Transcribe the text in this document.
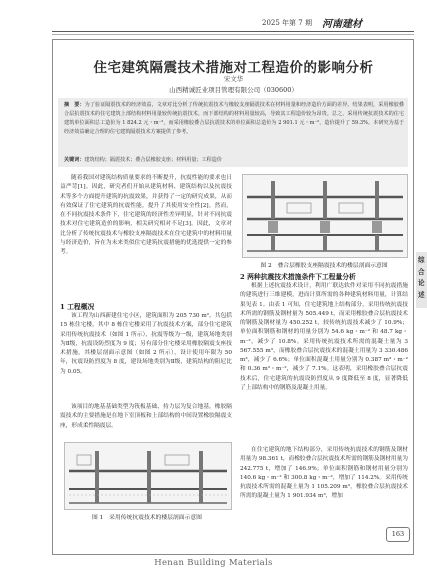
2025 年第 7 期 河南建材
住宅建筑隔震技术措施对工程造价的影响分析
宋文华
山西精诚匠业项目管理有限公司（030600）
摘　要：为了验证隔震技术的经济效益，文章对比分析了传统抗震技术与橡胶支座隔震技术在材料用量和经济造价方面的差异。结果表明，采用橡胶叠合层抗震技术的住宅建筑上部结构材料用量较传统抗震技术，而下部结构的材料用量较高，导致其工程造价较为昂贵。总之，采用传统抗震技术的住宅建筑单位面积总工造价为 1 824.2 元・m⁻²，而采用橡胶叠合层抗震技术的单位面积总造价为 2 901.1 元・m⁻²，造价提升了 59.3%。本研究为基于经济效益确定合理的住宅建筑隔震技术方案提供了参考。
关键词：建筑结构；隔震技术；叠合层橡胶支座；材料用量；工程造价
随着我国对建筑结构质量要求的不断提升，抗震性能的要求也日益严苛[1]。因此，研究者们开始从建筑材料、建筑结构以及抗震技术等多个方面提升建筑的抗震效果，并获得了一定的研究成果，从而有效保证了住宅建筑的抗震性能，提升了其使用安全性[2]。然而，在不同抗震技术条件下，住宅建筑的经济性差异明显，针对不同抗震技术对住宅建筑造价的影响，相关研究相对不足[3]。因此，文章对比分析了传统抗震技术与橡胶支座隔震技术在住宅建筑中的材料用量与经济造价，旨在为未来类似住宅建筑抗震措施的优选提供一定的参考。
1 工程概况
该工程为山西新建住宅小区，建筑面积为 205 730 m²，共包括 15 栋住宅楼，其中 8 栋住宅楼采用了抗震技术方案，部分住宅建筑采用传统抗震技术（如图 1 所示），抗震等级为一级，建筑场地类别为Ⅱ级，抗震设防烈度为 9 度；另有部分住宅楼采用橡胶隔震支座技术措施，其楼层剖面示意图（如图 2 所示），设计使用年限为 50 年，抗震设防烈度为 8 度，建设场地类别为Ⅱ级，建筑结构的阻尼比为 0.05。
该项目的地基基础类型为筏板基础、持力层为复合地基，橡胶隔震技术的主要措施是在地下室顶板和上部结构的中间设置橡胶隔震支座，形成柔性隔震层。
图 1　采用传统抗震技术的楼层剖面示意图
图 2　叠合层橡胶支座隔震技术的楼层剖面示意图
2 两种抗震技术措施条件下工程量分析
根据上述抗震技术设计，利用广联达软件对采用不同抗震措施的建筑进行三维建模，进而计算所需的各种建筑材料用量，计算结果见表 1。由表 1 可知，住宅建筑地上结构部分，采用传统抗震技术所需的钢筋及钢材量为 505.449 t，而采用橡胶叠合层抗震技术的钢筋及钢材量为 450.252 t，较传统抗震技术减少了 10.9%；单位面积钢筋和钢材的用量分别为 54.6 kg・m⁻² 和 48.7 kg・m⁻²，减少了 10.8%。采用传统抗震技术所需的混凝土量为 3 567.555 m³，而橡胶叠合层抗震技术的混凝土用量为 3 330.486 m³，减少了 6.6%；单位面积混凝土用量分别为 0.387 m³・m⁻² 和 0.36 m³・m⁻²，减少了 7.1%。这表明，采用橡胶叠合层抗震技术后，住宅建筑的抗震设防烈度从 9 度降低至 8 度，显著降低了上部结构中的钢筋及混凝土用量。
在住宅建筑的地下结构部分，采用传统抗震技术的钢筋及钢材用量为 98.361 t，而橡胶叠合层抗震技术所需的钢筋及钢材用量为 242.775 t，增加了 146.9%；单位面积钢筋和钢材用量分别为 140.6 kg・m⁻² 和 300.8 kg・m⁻²，增加了 114.2%。采用传统抗震技术所需的混凝土量为 1 105.209 m³，橡胶叠合层抗震技术所需的混凝土量为 1 901.934 m³，增加
综合论述
163
Henan Building Materials
